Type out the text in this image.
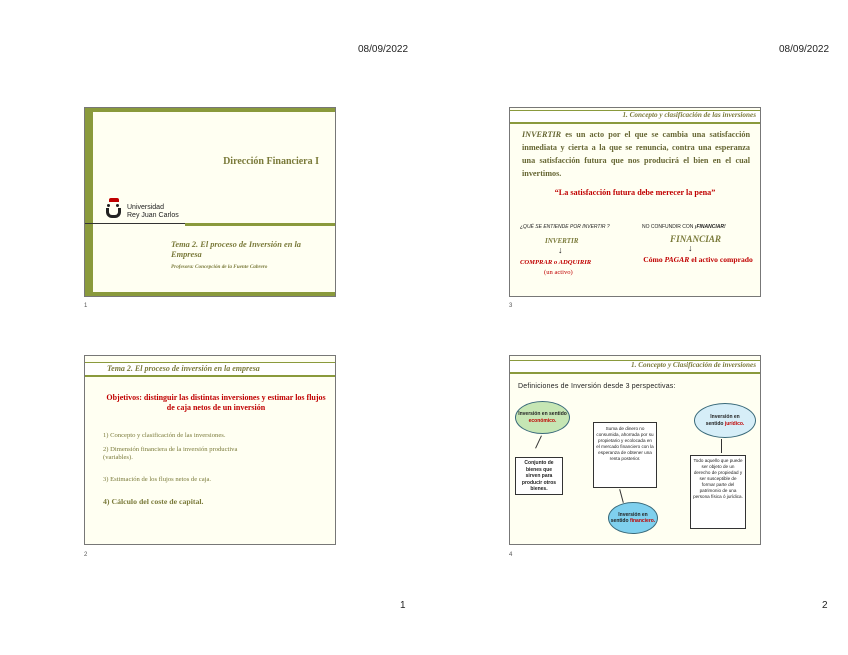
08/09/2022	08/09/2022
Dirección Financiera I
Universidad
Rey Juan Carlos
Tema 2. El proceso de Inversión en la Empresa
Profesora: Concepción de la Fuente Cabrero
1
1. Concepto y clasificación de las inversiones
INVERTIR es un acto por el que se cambia una satisfacción inmediata y cierta a la que se renuncia, contra una esperanza una satisfacción futura que nos producirá el bien en el cual invertimos.
“La satisfacción futura debe merecer la pena”
¿QUÉ SE ENTIENDE POR INVERTIR ?	NO CONFUNDIR CON ¡FINANCIAR!
INVERTIR
↓
COMPRAR o ADQUIRIR
(un activo)
FINANCIAR
↓
Cómo PAGAR el activo comprado
3
Tema 2. El proceso de inversión en la empresa
Objetivos: distinguir las distintas inversiones y estimar los flujos de caja netos de un inversión
1) Concepto y clasificación de las inversiones.
2) Dimensión financiera de la inversión productiva (variables).
3) Estimación de los flujos netos de caja.
4) Cálculo del coste de capital.
2
1. Concepto y Clasificación de inversiones
Definiciones de Inversión desde 3 perspectivas:
Inversión en sentido económico.
Conjunto de bienes que sirven para producir otros bienes.
Suma de dinero no consumida, ahorrada por su propietario y ecolocada en el mercado financiero con la esperanza de obtener una renta posterior.
Inversión en sentido financiero.
Inversión en sentido jurídico.
Todo aquello que puede ser objeto de un derecho de propiedad y ser susceptible de formar parte del patrimonio de una persona física ó jurídica.
4
1	2
